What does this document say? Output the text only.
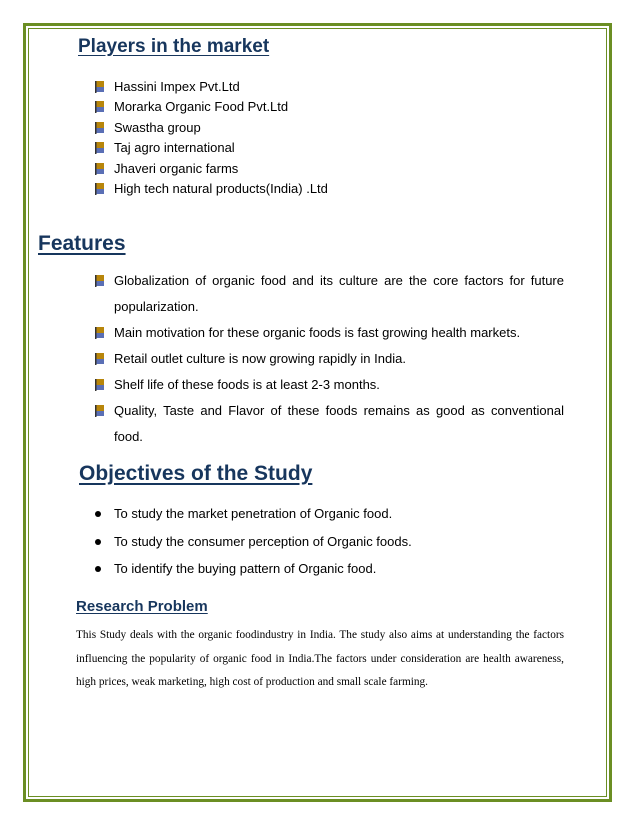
Players in the market
Hassini Impex Pvt.Ltd
Morarka Organic Food Pvt.Ltd
Swastha group
Taj agro international
Jhaveri organic farms
High tech natural products(India) .Ltd
Features
Globalization of organic food and its culture are the core factors for future popularization.
Main motivation for these organic foods is fast growing health markets.
Retail outlet culture is now growing rapidly in India.
Shelf life of these foods is at least 2-3 months.
Quality, Taste and Flavor of these foods remains as good as conventional food.
Objectives of the Study
To study the market penetration of Organic food.
To study the consumer perception of Organic foods.
To identify the buying pattern of Organic food.
Research Problem
This Study deals with the organic foodindustry in India. The study also aims at understanding the factors influencing the popularity of organic food in India.The factors under consideration are health awareness, high prices, weak marketing, high cost of production and small scale farming.
